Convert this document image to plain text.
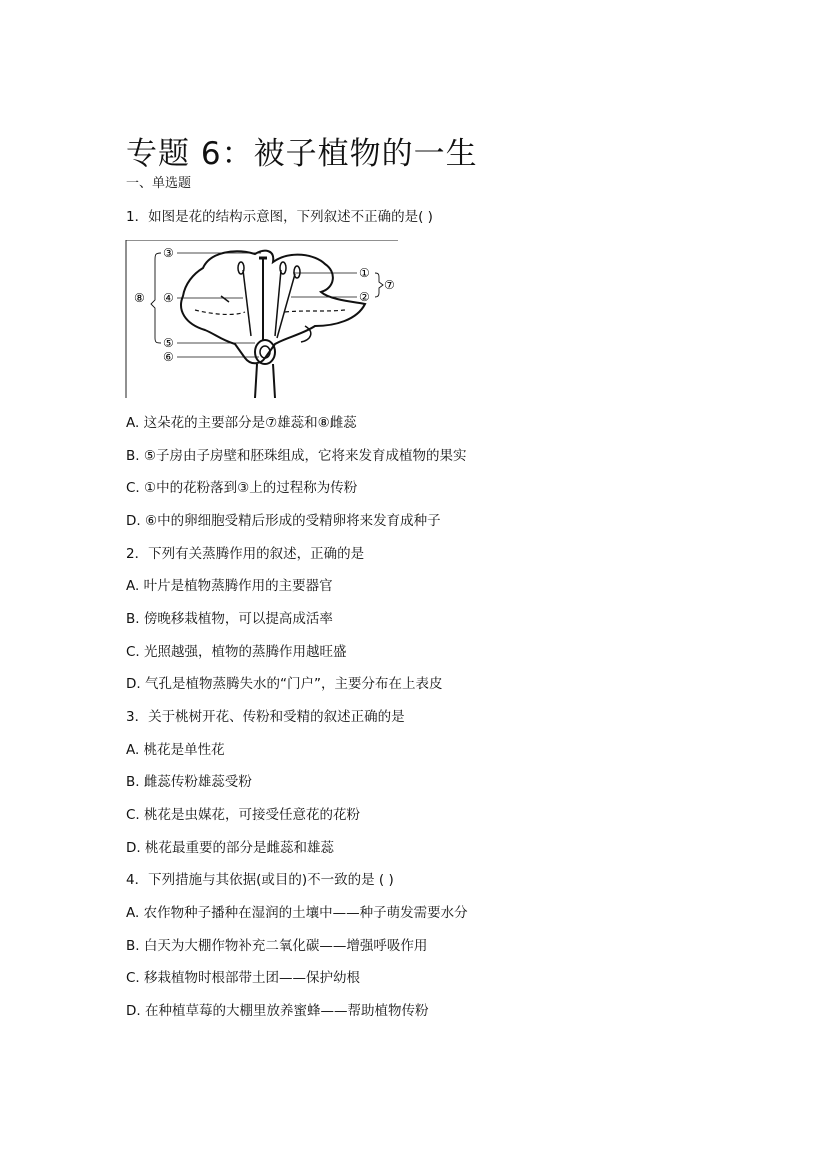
专题 6：被子植物的一生
一、单选题
1．如图是花的结构示意图，下列叙述不正确的是( )
③
④
⑤
⑥
⑧
①
②
⑦
A. 这朵花的主要部分是⑦雄蕊和⑧雌蕊
B. ⑤子房由子房壁和胚珠组成，它将来发育成植物的果实
C. ①中的花粉落到③上的过程称为传粉
D. ⑥中的卵细胞受精后形成的受精卵将来发育成种子
2．下列有关蒸腾作用的叙述，正确的是
A. 叶片是植物蒸腾作用的主要器官
B. 傍晚移栽植物，可以提高成活率
C. 光照越强，植物的蒸腾作用越旺盛
D. 气孔是植物蒸腾失水的“门户”，主要分布在上表皮
3．关于桃树开花、传粉和受精的叙述正确的是
A. 桃花是单性花
B. 雌蕊传粉雄蕊受粉
C. 桃花是虫媒花，可接受任意花的花粉
D. 桃花最重要的部分是雌蕊和雄蕊
4．下列措施与其依据(或目的)不一致的是 ( )
A. 农作物种子播种在湿润的土壤中——种子萌发需要水分
B. 白天为大棚作物补充二氧化碳——增强呼吸作用
C. 移栽植物时根部带土团——保护幼根
D. 在种植草莓的大棚里放养蜜蜂——帮助植物传粉
